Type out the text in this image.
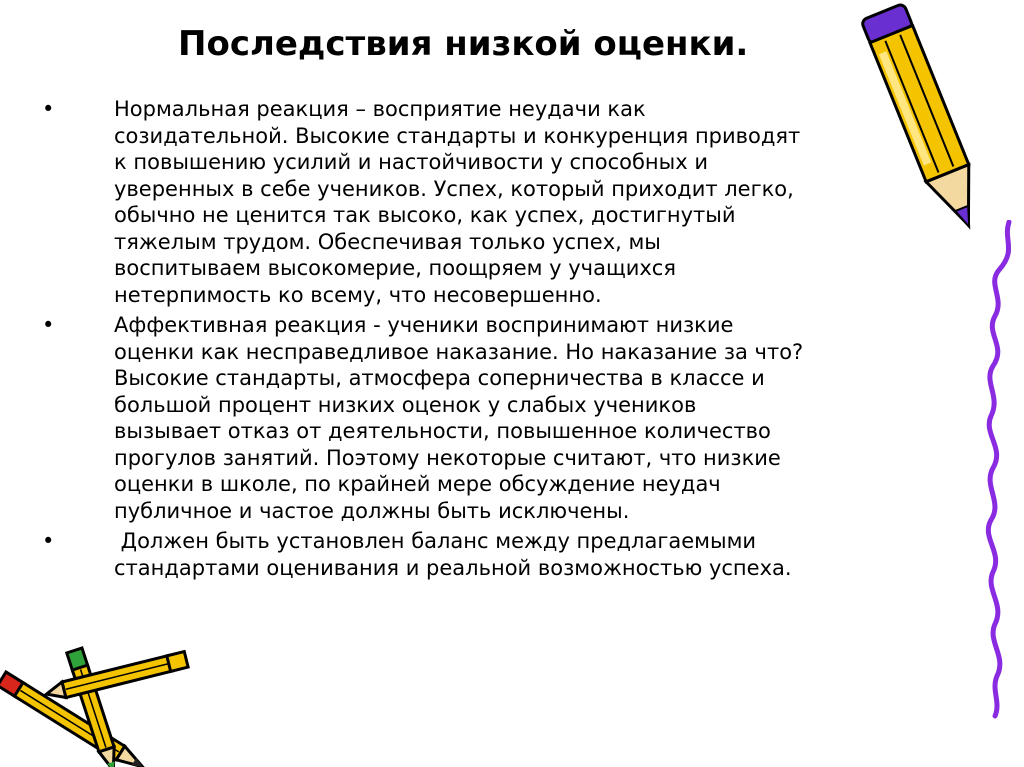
Последствия низкой оценки.
•	Нормальная реакция – восприятие неудачи как
созидательной. Высокие стандарты и конкуренция приводят
к повышению усилий и настойчивости у способных и
уверенных в себе учеников. Успех, который приходит легко,
обычно не ценится так высоко, как успех, достигнутый
тяжелым трудом. Обеспечивая только успех, мы
воспитываем высокомерие, поощряем у учащихся
нетерпимость ко всему, что несовершенно.
•	Аффективная реакция - ученики воспринимают низкие
оценки как несправедливое наказание. Но наказание за что?
Высокие стандарты, атмосфера соперничества в классе и
большой процент низких оценок у слабых учеников
вызывает отказ от деятельности, повышенное количество
прогулов занятий. Поэтому некоторые считают, что низкие
оценки в школе, по крайней мере обсуждение неудач
публичное и частое должны быть исключены.
•	Должен быть установлен баланс между предлагаемыми
стандартами оценивания и реальной возможностью успеха.
